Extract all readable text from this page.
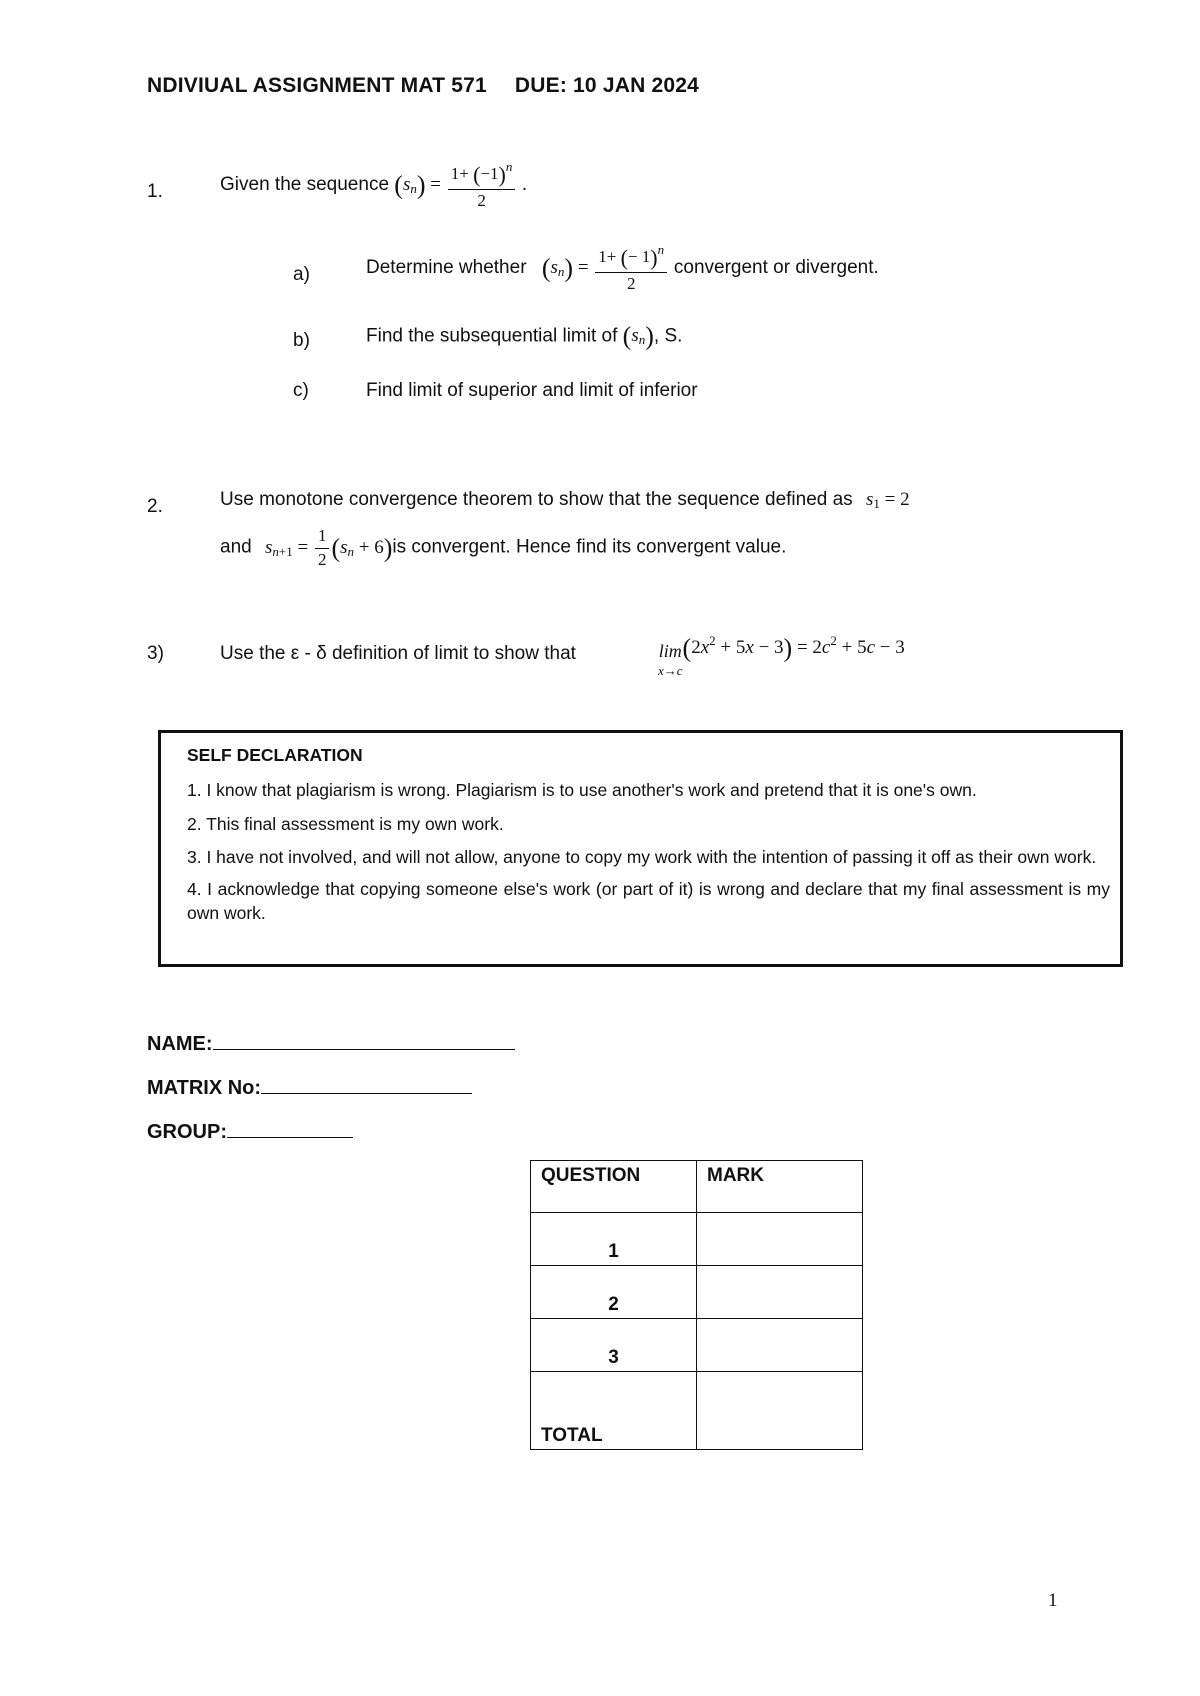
NDIVIUAL ASSIGNMENT MAT 571 DUE: 10 JAN 2024
1.	Given the sequence $(sn) = \frac{1+ (-1)^n}{2}$ .
a)	Determine whether $(sn) = \frac{1+ (- 1)^n}{2}$ convergent or divergent.
b)	Find the subsequential limit of (sn), S.
c)	Find limit of superior and limit of inferior
2.	Use monotone convergence theorem to show that the sequence defined as s1 = 2
and $sn+1 = \frac{1}{2} (sn + 6)is$ convergent. Hence find its convergent value.
3)	Use the ε - δ definition of limit to show that	lim
x→c
$(2x^2 + 5x - 3) = 2c^2 + 5c - 3$
SELF DECLARATION

1. I know that plagiarism is wrong. Plagiarism is to use another's work and pretend that it is one's own.

2. This final assessment is my own work.

3. I have not involved, and will not allow, anyone to copy my work with the intention of passing it off as their own work.

4. I acknowledge that copying someone else's work (or part of it) is wrong and declare that my final assessment is my own work.

NAME:
MATRIX No:
GROUP:
QUESTION	MARK
1	
2	
3	
TOTAL	
1
